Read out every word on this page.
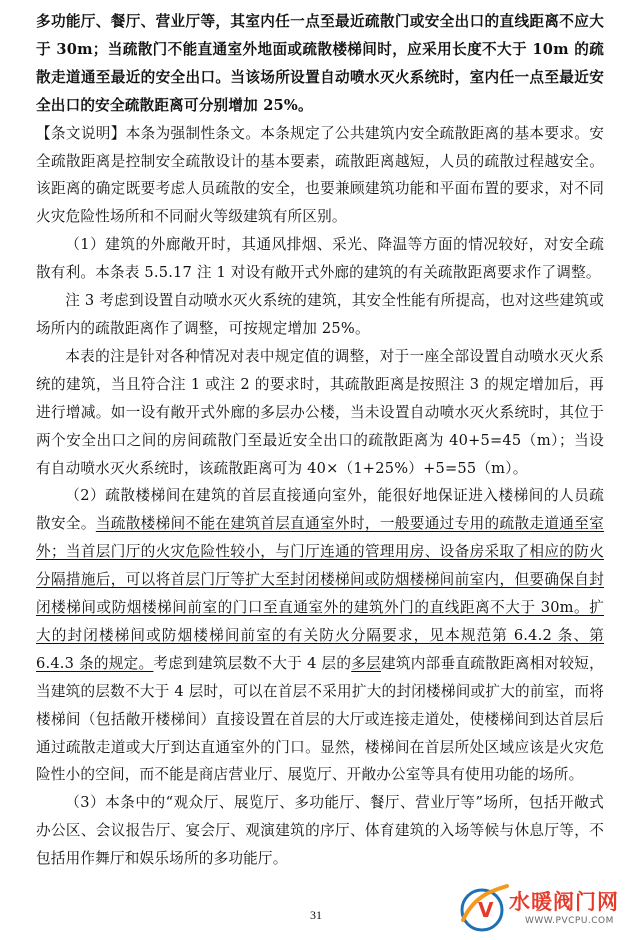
多功能厅、餐厅、营业厅等，其室内任一点至最近疏散门或安全出口的直线距离不应大于 30m；当疏散门不能直通室外地面或疏散楼梯间时，应采用长度不大于 10m 的疏散走道通至最近的安全出口。当该场所设置自动喷水灭火系统时，室内任一点至最近安全出口的安全疏散距离可分别增加 25%。

【条文说明】本条为强制性条文。本条规定了公共建筑内安全疏散距离的基本要求。安全疏散距离是控制安全疏散设计的基本要素，疏散距离越短，人员的疏散过程越安全。该距离的确定既要考虑人员疏散的安全，也要兼顾建筑功能和平面布置的要求，对不同火灾危险性场所和不同耐火等级建筑有所区别。

（1）建筑的外廊敞开时，其通风排烟、采光、降温等方面的情况较好，对安全疏散有利。本条表 5.5.17 注 1 对设有敞开式外廊的建筑的有关疏散距离要求作了调整。

注 3 考虑到设置自动喷水灭火系统的建筑，其安全性能有所提高，也对这些建筑或场所内的疏散距离作了调整，可按规定增加 25%。

本表的注是针对各种情况对表中规定值的调整，对于一座全部设置自动喷水灭火系统的建筑，当且符合注 1 或注 2 的要求时，其疏散距离是按照注 3 的规定增加后，再进行增减。如一设有敞开式外廊的多层办公楼，当未设置自动喷水灭火系统时，其位于两个安全出口之间的房间疏散门至最近安全出口的疏散距离为 40+5=45（m）；当设有自动喷水灭火系统时，该疏散距离可为 40×（1+25%）+5=55（m）。

（2）疏散楼梯间在建筑的首层直接通向室外，能很好地保证进入楼梯间的人员疏散安全。当疏散楼梯间不能在建筑首层直通室外时，一般要通过专用的疏散走道通至室外；当首层门厅的火灾危险性较小，与门厅连通的管理用房、设备房采取了相应的防火分隔措施后，可以将首层门厅等扩大至封闭楼梯间或防烟楼梯间前室内，但要确保自封闭楼梯间或防烟楼梯间前室的门口至直通室外的建筑外门的直线距离不大于 30m。扩大的封闭楼梯间或防烟楼梯间前室的有关防火分隔要求，见本规范第 6.4.2 条、第 6.4.3 条的规定。考虑到建筑层数不大于 4 层的多层建筑内部垂直疏散距离相对较短，当建筑的层数不大于 4 层时，可以在首层不采用扩大的封闭楼梯间或扩大的前室，而将楼梯间（包括敞开楼梯间）直接设置在首层的大厅或连接走道处，使楼梯间到达首层后通过疏散走道或大厅到达直通室外的门口。显然，楼梯间在首层所处区域应该是火灾危险性小的空间，而不能是商店营业厅、展览厅、开敞办公室等具有使用功能的场所。

（3）本条中的“观众厅、展览厅、多功能厅、餐厅、营业厅等”场所，包括开敞式办公区、会议报告厅、宴会厅、观演建筑的序厅、体育建筑的入场等候与休息厅等，不包括用作舞厅和娱乐场所的多功能厅。

31	V 水暖阀门网
WWW.PVCPU.COM
